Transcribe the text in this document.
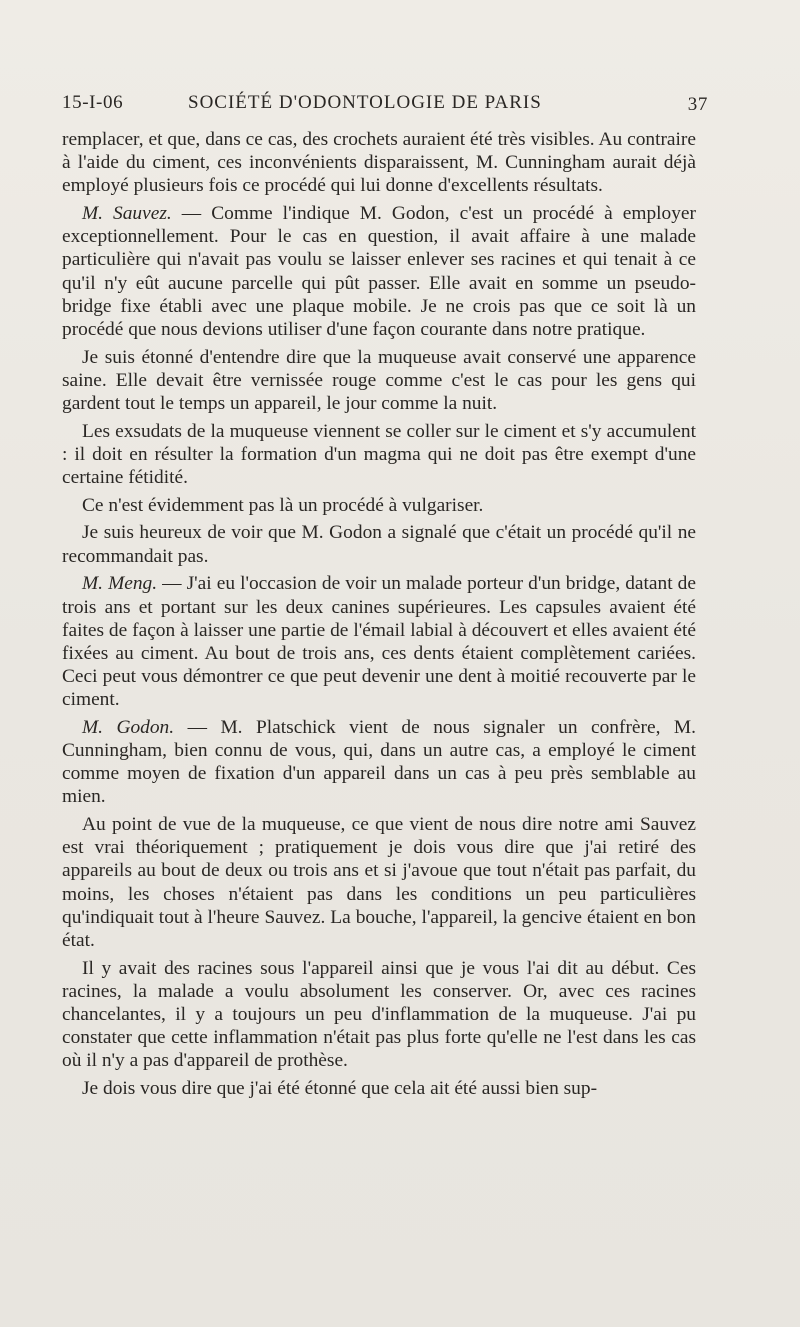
15-I-06	SOCIÉTÉ D'ODONTOLOGIE DE PARIS	37

remplacer, et que, dans ce cas, des crochets auraient été très visibles. Au contraire à l'aide du ciment, ces inconvénients disparaissent, M. Cunningham aurait déjà employé plusieurs fois ce procédé qui lui donne d'excellents résultats.

M. Sauvez. — Comme l'indique M. Godon, c'est un procédé à employer exceptionnellement. Pour le cas en question, il avait affaire à une malade particulière qui n'avait pas voulu se laisser enlever ses racines et qui tenait à ce qu'il n'y eût aucune parcelle qui pût passer. Elle avait en somme un pseudo-bridge fixe établi avec une plaque mobile. Je ne crois pas que ce soit là un procédé que nous devions utiliser d'une façon courante dans notre pratique.

Je suis étonné d'entendre dire que la muqueuse avait conservé une apparence saine. Elle devait être vernissée rouge comme c'est le cas pour les gens qui gardent tout le temps un appareil, le jour comme la nuit.

Les exsudats de la muqueuse viennent se coller sur le ciment et s'y accumulent : il doit en résulter la formation d'un magma qui ne doit pas être exempt d'une certaine fétidité.

Ce n'est évidemment pas là un procédé à vulgariser.

Je suis heureux de voir que M. Godon a signalé que c'était un procédé qu'il ne recommandait pas.

M. Meng. — J'ai eu l'occasion de voir un malade porteur d'un bridge, datant de trois ans et portant sur les deux canines supérieures. Les capsules avaient été faites de façon à laisser une partie de l'émail labial à découvert et elles avaient été fixées au ciment. Au bout de trois ans, ces dents étaient complètement cariées. Ceci peut vous démontrer ce que peut devenir une dent à moitié recouverte par le ciment.

M. Godon. — M. Platschick vient de nous signaler un confrère, M. Cunningham, bien connu de vous, qui, dans un autre cas, a employé le ciment comme moyen de fixation d'un appareil dans un cas à peu près semblable au mien.

Au point de vue de la muqueuse, ce que vient de nous dire notre ami Sauvez est vrai théoriquement ; pratiquement je dois vous dire que j'ai retiré des appareils au bout de deux ou trois ans et si j'avoue que tout n'était pas parfait, du moins, les choses n'étaient pas dans les conditions un peu particulières qu'indiquait tout à l'heure Sauvez. La bouche, l'appareil, la gencive étaient en bon état.

Il y avait des racines sous l'appareil ainsi que je vous l'ai dit au début. Ces racines, la malade a voulu absolument les conserver. Or, avec ces racines chancelantes, il y a toujours un peu d'inflammation de la muqueuse. J'ai pu constater que cette inflammation n'était pas plus forte qu'elle ne l'est dans les cas où il n'y a pas d'appareil de prothèse.

Je dois vous dire que j'ai été étonné que cela ait été aussi bien sup-
